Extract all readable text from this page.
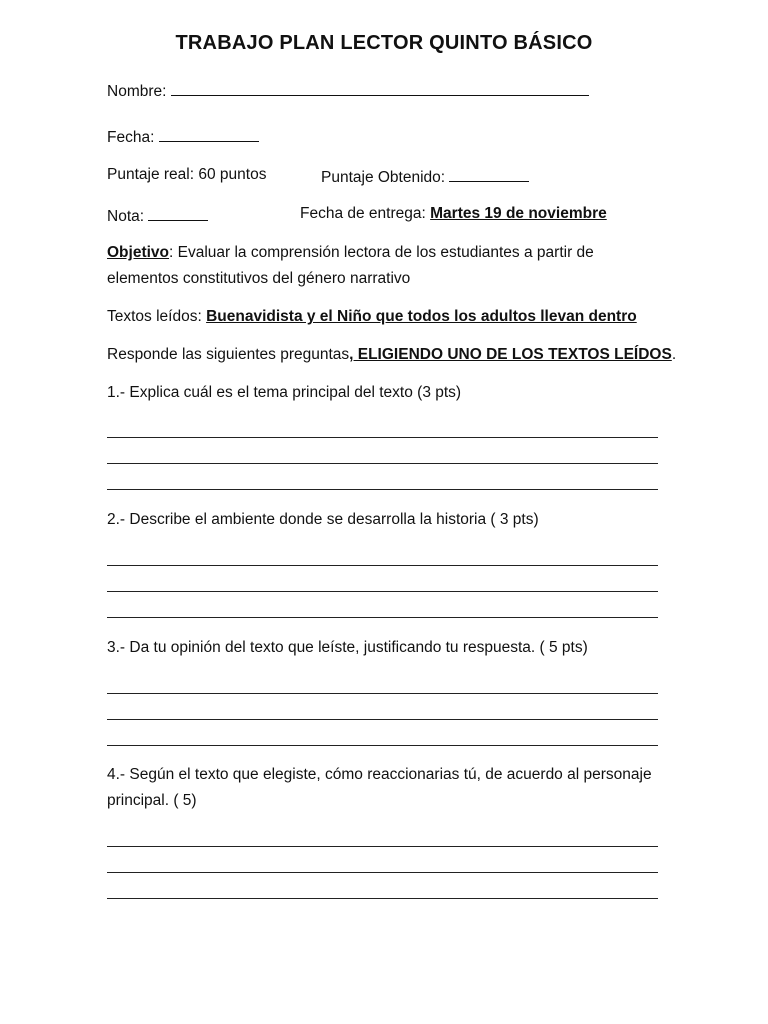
TRABAJO PLAN LECTOR QUINTO BÁSICO
Nombre:
Fecha:
Puntaje real: 60 puntos	Puntaje Obtenido:
Nota:	Fecha de entrega: Martes 19 de noviembre
Objetivo: Evaluar la comprensión lectora de los estudiantes a partir de elementos constitutivos del género narrativo
Textos leídos: Buenavidista y el Niño que todos los adultos llevan dentro
Responde las siguientes preguntas, ELIGIENDO UNO DE LOS TEXTOS LEÍDOS.
1.- Explica cuál es el tema principal del texto (3 pts)
2.- Describe el ambiente donde se desarrolla la historia ( 3 pts)
3.- Da tu opinión del texto que leíste, justificando tu respuesta. ( 5 pts)
4.- Según el texto que elegiste, cómo reaccionarias tú, de acuerdo al personaje principal. ( 5)
